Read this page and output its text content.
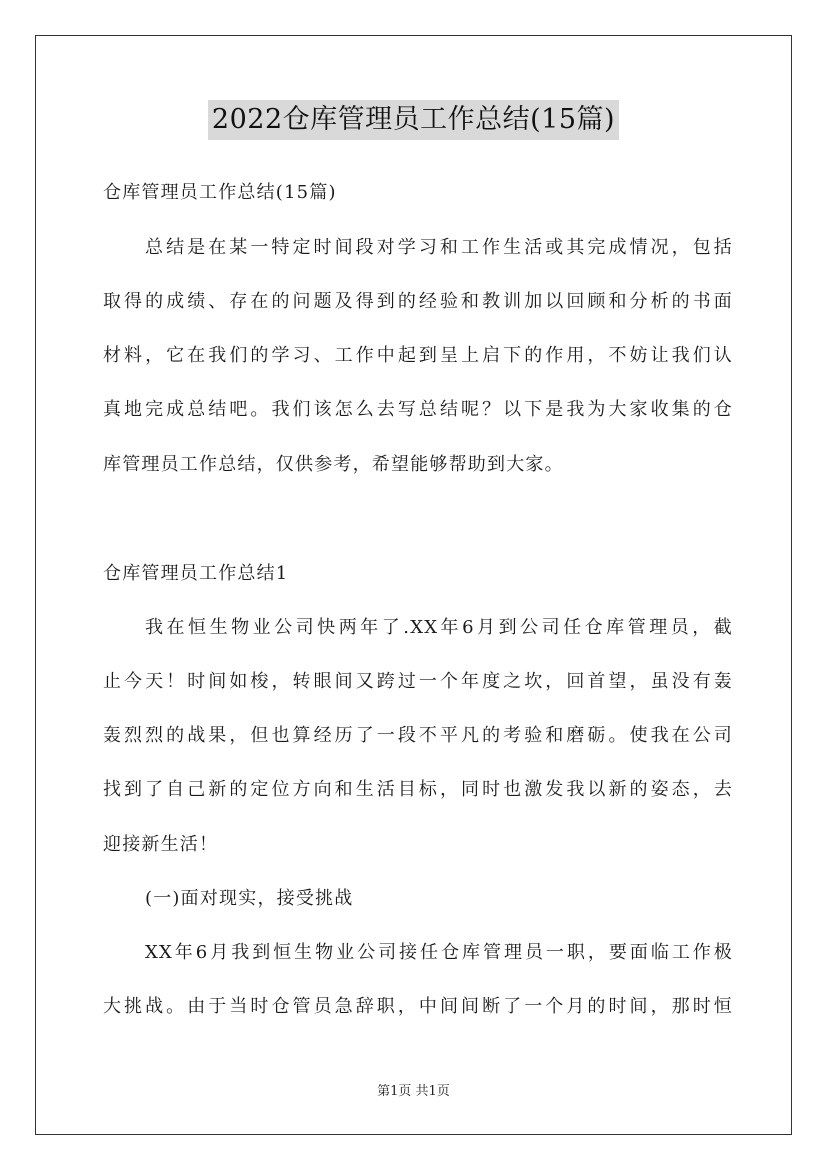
2022仓库管理员工作总结(15篇)
仓库管理员工作总结(15篇)
总结是在某一特定时间段对学习和工作生活或其完成情况，包括
取得的成绩、存在的问题及得到的经验和教训加以回顾和分析的书面
材料，它在我们的学习、工作中起到呈上启下的作用，不妨让我们认
真地完成总结吧。我们该怎么去写总结呢？以下是我为大家收集的仓
库管理员工作总结，仅供参考，希望能够帮助到大家。
仓库管理员工作总结1
我在恒生物业公司快两年了.XX年6月到公司任仓库管理员，截
止今天！时间如梭，转眼间又跨过一个年度之坎，回首望，虽没有轰
轰烈烈的战果，但也算经历了一段不平凡的考验和磨砺。使我在公司
找到了自己新的定位方向和生活目标，同时也激发我以新的姿态，去
迎接新生活！
(一)面对现实，接受挑战
XX年6月我到恒生物业公司接任仓库管理员一职，要面临工作极
大挑战。由于当时仓管员急辞职，中间间断了一个月的时间，那时恒
第1页 共1页
